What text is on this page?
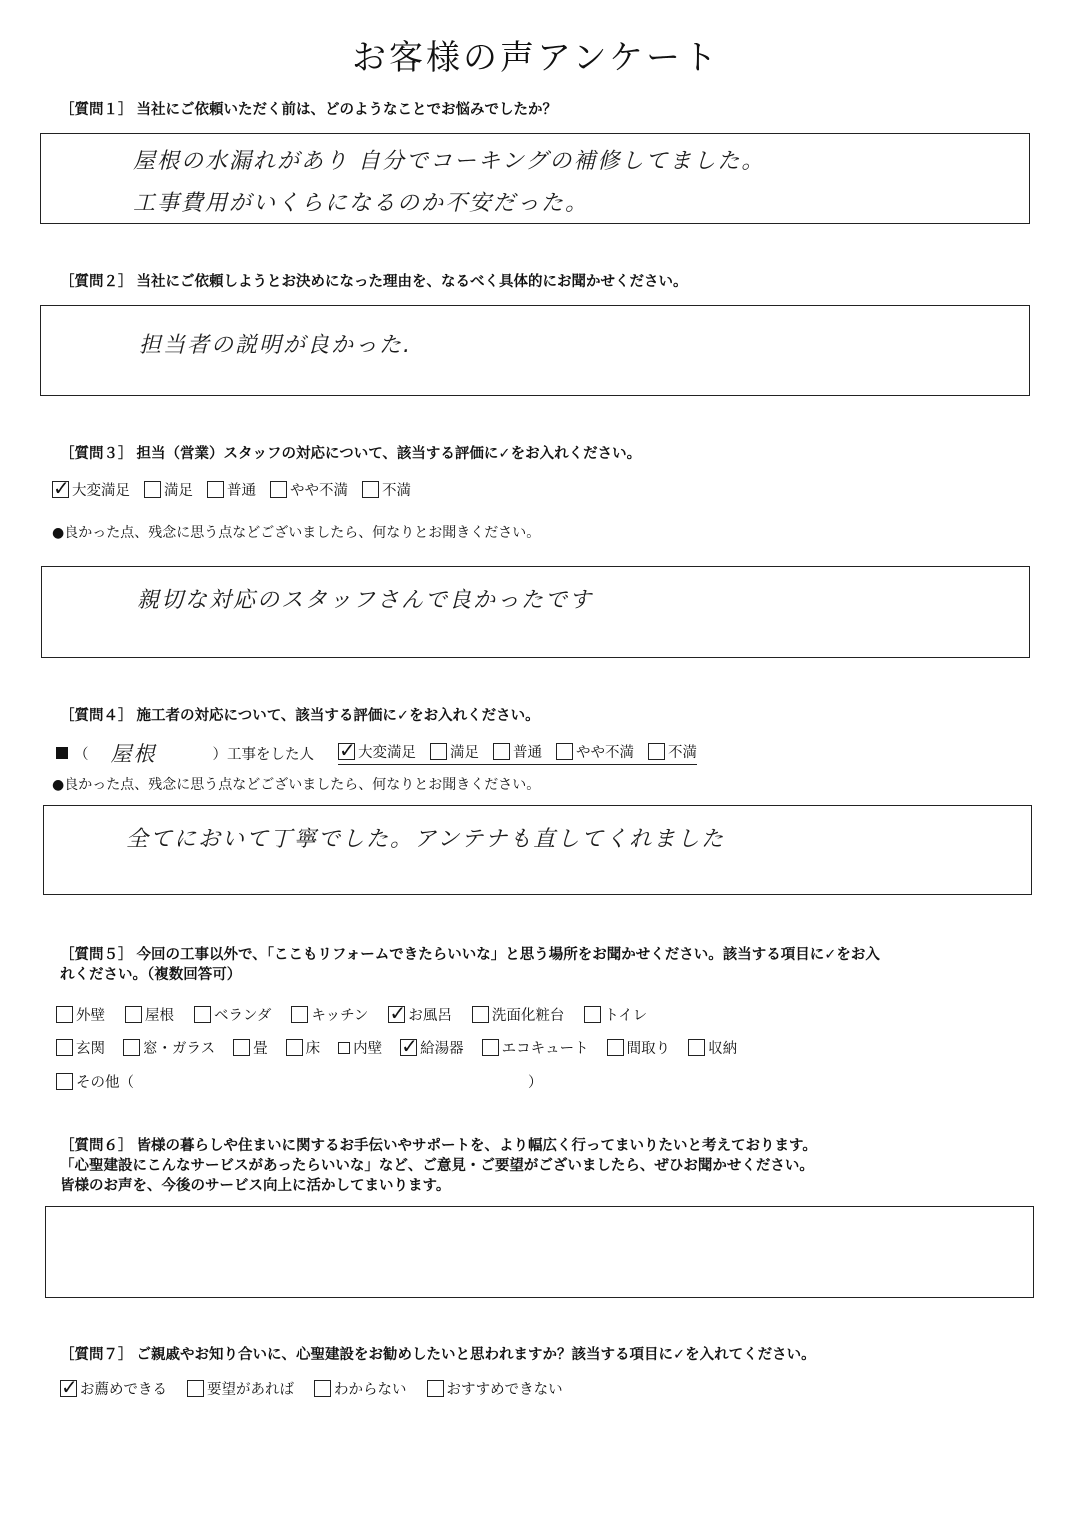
お客様の声アンケート
［質問１］ 当社にご依頼いただく前は、どのようなことでお悩みでしたか？
屋根の水漏れがあり 自分でコーキングの補修してました。
工事費用がいくらになるのか不安だった。
［質問２］ 当社にご依頼しようとお決めになった理由を、なるべく具体的にお聞かせください。
担当者の説明が良かった.
［質問３］ 担当（営業）スタッフの対応について、該当する評価に✓をお入れください。
✓
大変満足 満足 普通 やや不満 不満
●良かった点、残念に思う点などございましたら、何なりとお聞きください。
親切な対応のスタッフさんで良かったです
［質問４］ 施工者の対応について、該当する評価に✓をお入れください。
（ 屋根	）工事をした人 ✓	大変満足 満足 普通 やや不満 不満
●良かった点、残念に思う点などございましたら、何なりとお聞きください。
全てにおいて丁寧でした。アンテナも直してくれました
［質問５］ 今回の工事以外で、「ここもリフォームできたらいいな」と思う場所をお聞かせください。該当する項目に✓をお入
れください。（複数回答可）
外壁	屋根	ベランダ	キッチン ✓	お風呂	洗面化粧台	トイレ
玄関	窓・ガラス	畳	床 内壁 ✓	給湯器	エコキュート	間取り	収納
その他（	）
［質問６］ 皆様の暮らしや住まいに関するお手伝いやサポートを、より幅広く行ってまいりたいと考えております。
「心聖建設にこんなサービスがあったらいいな」など、ご意見・ご要望がございましたら、ぜひお聞かせください。
皆様のお声を、今後のサービス向上に活かしてまいります。
［質問７］ ご親戚やお知り合いに、心聖建設をお勧めしたいと思われますか？該当する項目に✓を入れてください。
✓
お薦めできる	要望があれば	わからない	おすすめできない
